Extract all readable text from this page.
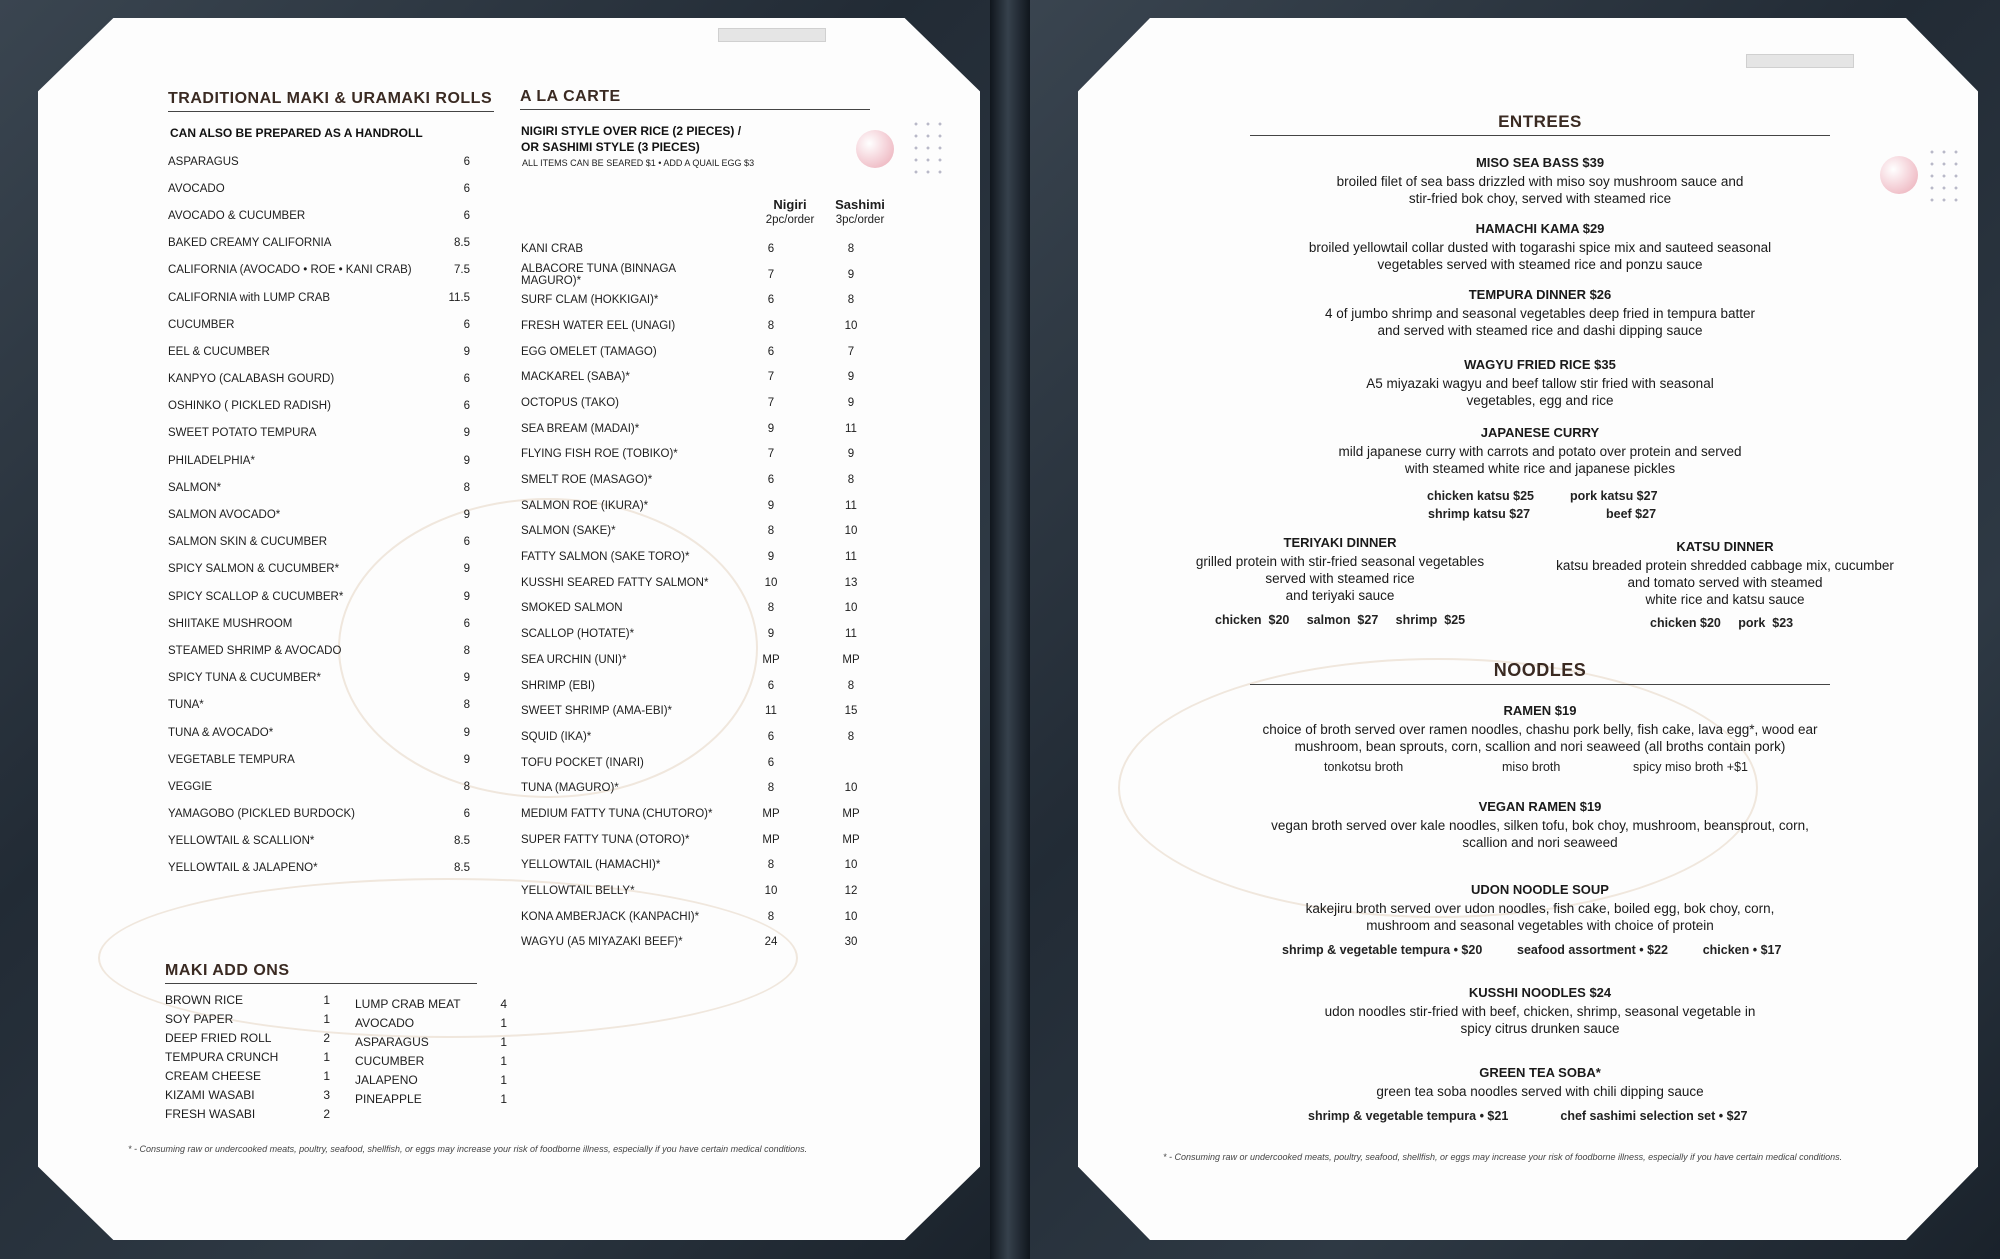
TRADITIONAL MAKI & URAMAKI ROLLS
CAN ALSO BE PREPARED AS A HANDROLL
ASPARAGUS	6
AVOCADO	6
AVOCADO & CUCUMBER	6
BAKED CREAMY CALIFORNIA	8.5
CALIFORNIA (AVOCADO • ROE • KANI CRAB)	7.5
CALIFORNIA with LUMP CRAB	11.5
CUCUMBER	6
EEL & CUCUMBER	9
KANPYO (CALABASH GOURD)	6
OSHINKO ( PICKLED RADISH)	6
SWEET POTATO TEMPURA	9
PHILADELPHIA*	9
SALMON*	8
SALMON AVOCADO*	9
SALMON SKIN & CUCUMBER	6
SPICY SALMON & CUCUMBER*	9
SPICY SCALLOP & CUCUMBER*	9
SHIITAKE MUSHROOM	6
STEAMED SHRIMP & AVOCADO	8
SPICY TUNA & CUCUMBER*	9
TUNA*	8
TUNA & AVOCADO*	9
VEGETABLE TEMPURA	9
VEGGIE	8
YAMAGOBO (PICKLED BURDOCK)	6
YELLOWTAIL & SCALLION*	8.5
YELLOWTAIL & JALAPENO*	8.5
A LA CARTE
NIGIRI STYLE OVER RICE (2 PIECES) /
OR SASHIMI STYLE (3 PIECES)
ALL ITEMS CAN BE SEARED $1 • ADD A QUAIL EGG $3
Nigiri
2pc/order
Sashimi
3pc/order
KANI CRAB	6	8
ALBACORE TUNA (BINNAGA MAGURO)*	7	9
SURF CLAM (HOKKIGAI)*	6	8
FRESH WATER EEL (UNAGI)	8	10
EGG OMELET (TAMAGO)	6	7
MACKAREL (SABA)*	7	9
OCTOPUS (TAKO)	7	9
SEA BREAM (MADAI)*	9	11
FLYING FISH ROE (TOBIKO)*	7	9
SMELT ROE (MASAGO)*	6	8
SALMON ROE (IKURA)*	9	11
SALMON (SAKE)*	8	10
FATTY SALMON (SAKE TORO)*	9	11
KUSSHI SEARED FATTY SALMON*	10	13
SMOKED SALMON	8	10
SCALLOP (HOTATE)*	9	11
SEA URCHIN (UNI)*	MP	MP
SHRIMP (EBI)	6	8
SWEET SHRIMP (AMA-EBI)*	11	15
SQUID (IKA)*	6	8
TOFU POCKET (INARI)	6
TUNA (MAGURO)*	8	10
MEDIUM FATTY TUNA (CHUTORO)*	MP	MP
SUPER FATTY TUNA (OTORO)*	MP	MP
YELLOWTAIL (HAMACHI)*	8	10
YELLOWTAIL BELLY*	10	12
KONA AMBERJACK (KANPACHI)*	8	10
WAGYU (A5 MIYAZAKI BEEF)*	24	30
MAKI ADD ONS
BROWN RICE	1
SOY PAPER	1
DEEP FRIED ROLL	2
TEMPURA CRUNCH	1
CREAM CHEESE	1
KIZAMI WASABI	3
FRESH WASABI	2
LUMP CRAB MEAT	4
AVOCADO	1
ASPARAGUS	1
CUCUMBER	1
JALAPENO	1
PINEAPPLE	1
* - Consuming raw or undercooked meats, poultry, seafood, shellfish, or eggs may increase your risk of foodborne illness, especially if you have certain medical conditions.
ENTREES
MISO SEA BASS $39
broiled filet of sea bass drizzled with miso soy mushroom sauce and
stir-fried bok choy, served with steamed rice
HAMACHI KAMA $29
broiled yellowtail collar dusted with togarashi spice mix and sauteed seasonal
vegetables served with steamed rice and ponzu sauce
TEMPURA DINNER $26
4 of jumbo shrimp and seasonal vegetables deep fried in tempura batter
and served with steamed rice and dashi dipping sauce
WAGYU FRIED RICE $35
A5 miyazaki wagyu and beef tallow stir fried with seasonal
vegetables, egg and rice
JAPANESE CURRY
mild japanese curry with carrots and potato over protein and served
with steamed white rice and japanese pickles
chicken katsu $25	pork katsu $27
shrimp katsu $27	beef $27
TERIYAKI DINNER
grilled protein with stir-fried seasonal vegetables
served with steamed rice
and teriyaki sauce
chicken  $20     salmon  $27     shrimp  $25
KATSU DINNER
katsu breaded protein shredded cabbage mix, cucumber
and tomato served with steamed
white rice and katsu sauce
chicken $20     pork  $23
NOODLES
RAMEN $19
choice of broth served over ramen noodles, chashu pork belly, fish cake, lava egg*, wood ear
mushroom, bean sprouts, corn, scallion and nori seaweed (all broths contain pork)
tonkotsu broth	miso broth	spicy miso broth +$1
VEGAN RAMEN $19
vegan broth served over kale noodles, silken tofu, bok choy, mushroom, beansprout, corn,
scallion and nori seaweed
UDON NOODLE SOUP
kakejiru broth served over udon noodles, fish cake, boiled egg, bok choy, corn,
mushroom and seasonal vegetables with choice of protein
shrimp & vegetable tempura • $20          seafood assortment • $22          chicken • $17
KUSSHI NOODLES $24
udon noodles stir-fried with beef, chicken, shrimp, seasonal vegetable in
spicy citrus drunken sauce
GREEN TEA SOBA*
green tea soba noodles served with chili dipping sauce
shrimp & vegetable tempura • $21               chef sashimi selection set • $27
* - Consuming raw or undercooked meats, poultry, seafood, shellfish, or eggs may increase your risk of foodborne illness, especially if you have certain medical conditions.
